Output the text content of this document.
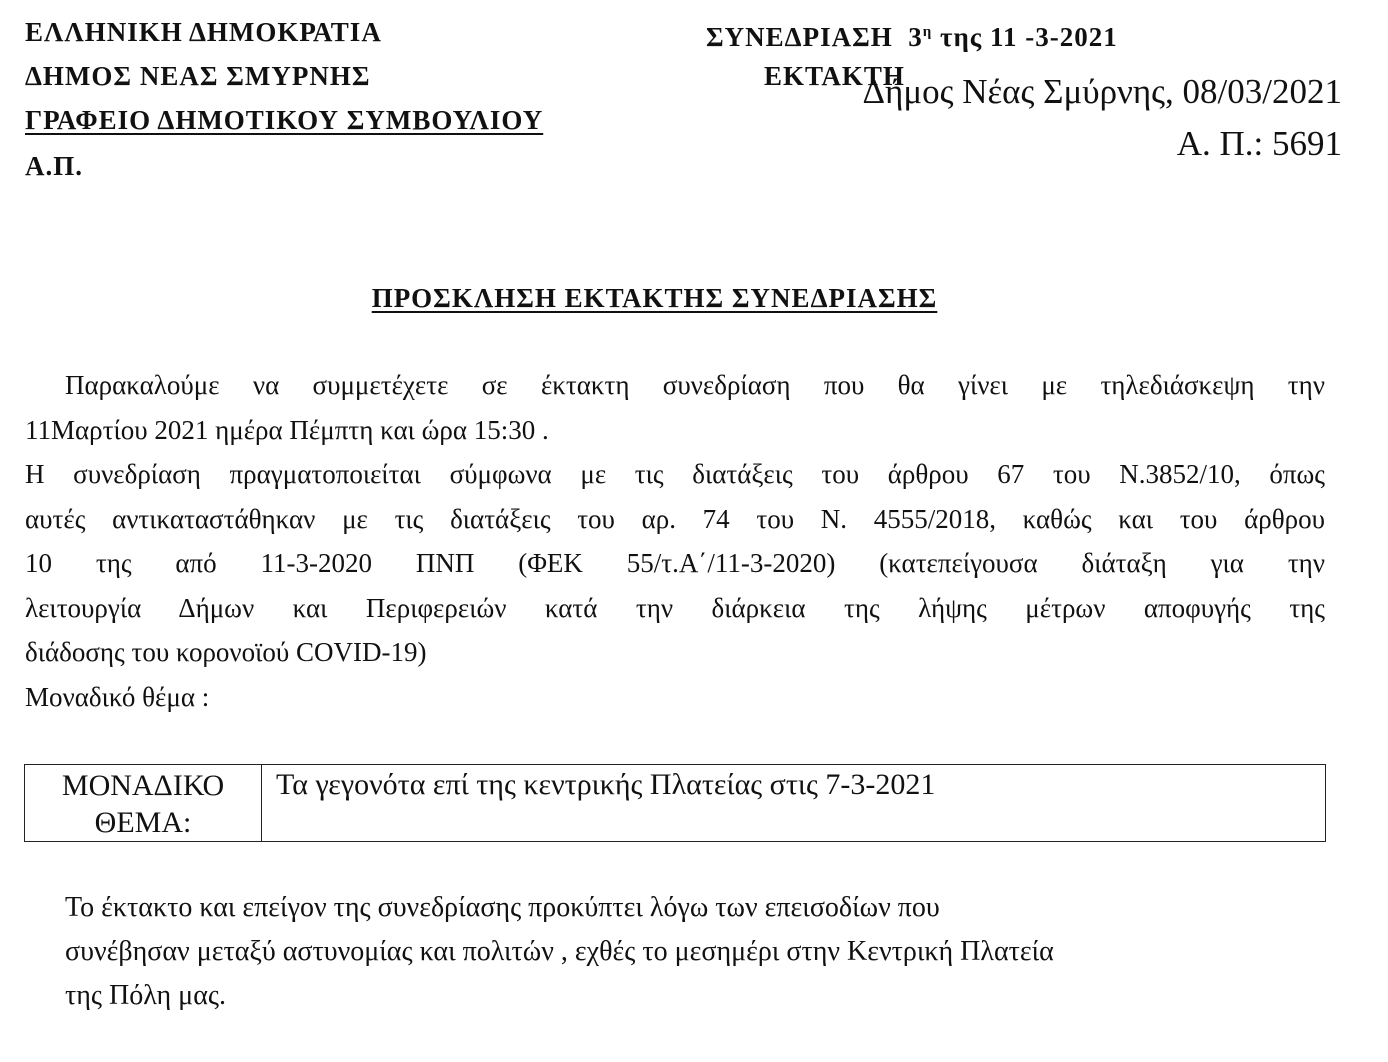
ΕΛΛΗΝΙΚΗ ΔΗΜΟΚΡΑΤΙΑ
ΔΗΜΟΣ ΝΕΑΣ ΣΜΥΡΝΗΣ
ΓΡΑΦΕΙΟ ΔΗΜΟΤΙΚΟΥ ΣΥΜΒΟΥΛΙΟΥ
Α.Π.
ΣΥΝΕΔΡΙΑΣΗ $3^\eta$ της 11 -3-2021
ΕΚΤΑΚΤΗ
Δήμος Νέας Σμύρνης, 08/03/2021
Α. Π.: 5691
ΠΡΟΣΚΛΗΣΗ ΕΚΤΑΚΤΗΣ ΣΥΝΕΔΡΙΑΣΗΣ
Παρακαλούμε να συμμετέχετε σε έκτακτη συνεδρίαση που θα γίνει με τηλεδιάσκεψη την
11Μαρτίου 2021 ημέρα Πέμπτη και ώρα 15:30 .
Η συνεδρίαση πραγματοποιείται σύμφωνα με τις διατάξεις του άρθρου 67 του Ν.3852/10, όπως
αυτές αντικαταστάθηκαν με τις διατάξεις του αρ. 74 του Ν. 4555/2018, καθώς και του άρθρου
10 της από 11-3-2020 ΠΝΠ (ΦΕΚ 55/τ.Α΄/11-3-2020) (κατεπείγουσα διάταξη για την
λειτουργία Δήμων και Περιφερειών κατά την διάρκεια της λήψης μέτρων αποφυγής της
διάδοσης του κορονοϊού COVID-19)
Μοναδικό θέμα :
ΜΟΝΑΔΙΚΟ
ΘΕΜΑ:
	Τα γεγονότα επί της κεντρικής Πλατείας στις 7-3-2021
Το έκτακτο και επείγον της συνεδρίασης προκύπτει λόγω των επεισοδίων που
συνέβησαν μεταξύ αστυνομίας και πολιτών , εχθές το μεσημέρι στην Κεντρική Πλατεία
της Πόλη μας.
